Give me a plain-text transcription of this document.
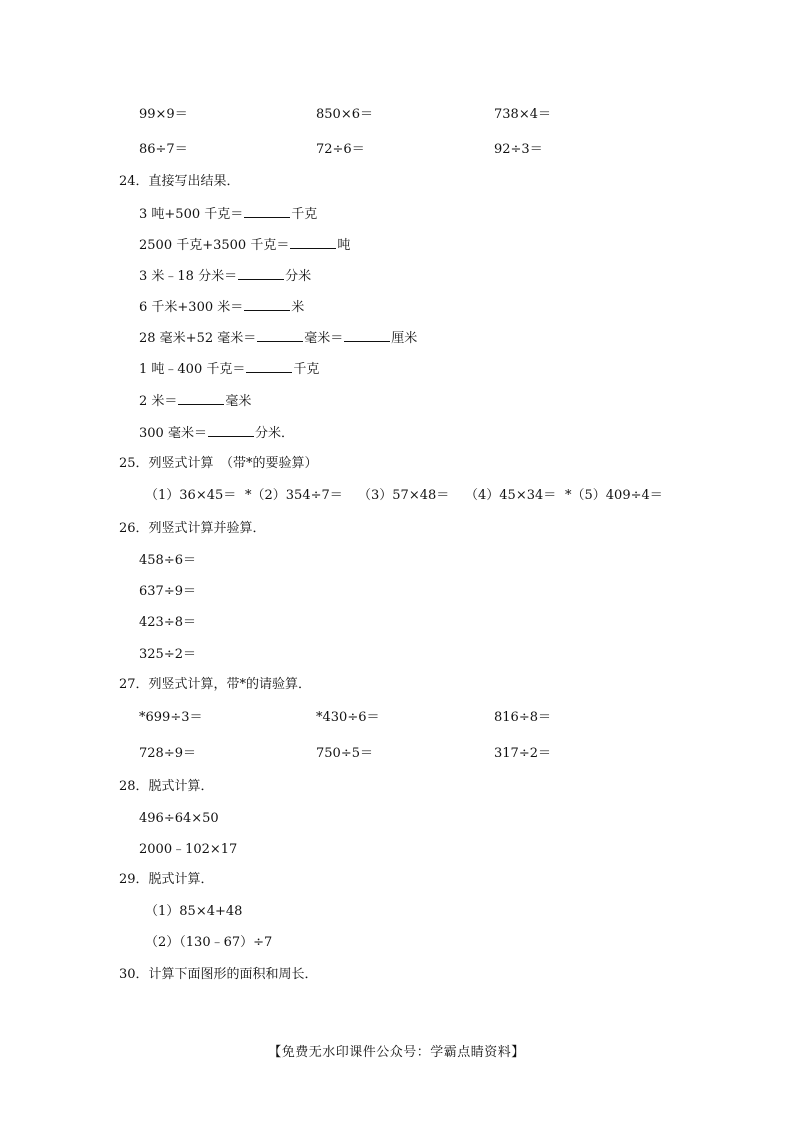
99×9＝	850×6＝	738×4＝
86÷7＝	72÷6＝	92÷3＝
24．直接写出结果．
3 吨+500 千克＝	千克
2500 千克+3500 千克＝	吨
3 米﹣18 分米＝	分米
6 千米+300 米＝	米
28 毫米+52 毫米＝	毫米＝	厘米
1 吨﹣400 千克＝	千克
2 米＝	毫米
300 毫米＝	分米．
25．列竖式计算　（带*的要验算）
（1）36×45＝ *（2）354÷7＝ （3）57×48＝ （4）45×34＝ *（5）409÷4＝
26．列竖式计算并验算．
458÷6＝
637÷9＝
423÷8＝
325÷2＝
27．列竖式计算，带*的请验算．
*699÷3＝	*430÷6＝	816÷8＝
728÷9＝	750÷5＝	317÷2＝
28．脱式计算．
496÷64×50
2000﹣102×17
29．脱式计算．
（1）85×4+48
（2）（130﹣67）÷7
30．计算下面图形的面积和周长．
【免费无水印课件公众号：学霸点睛资料】
